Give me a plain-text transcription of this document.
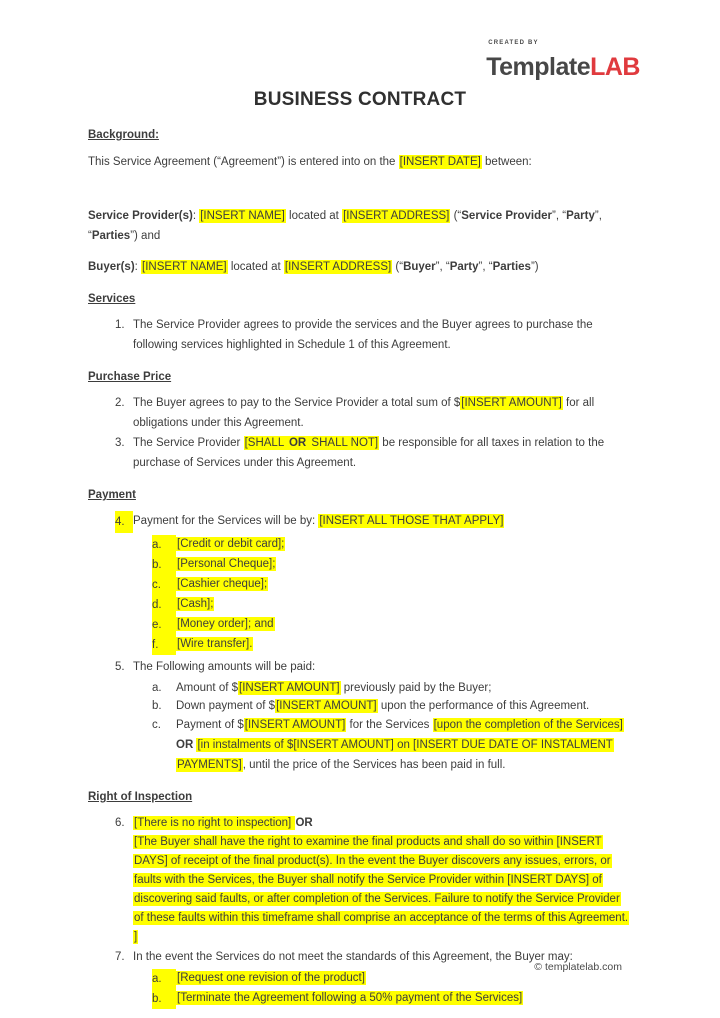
CREATED BY
TemplateLAB
BUSINESS CONTRACT
Background:
This Service Agreement (“Agreement”) is entered into on the [INSERT DATE] between:
Service Provider(s): [INSERT NAME] located at [INSERT ADDRESS] (“Service Provider”, “Party”, “Parties”) and
Buyer(s): [INSERT NAME] located at [INSERT ADDRESS] (“Buyer”, “Party”, “Parties”)
Services
1. The Service Provider agrees to provide the services and the Buyer agrees to purchase the following services highlighted in Schedule 1 of this Agreement.
Purchase Price
2. The Buyer agrees to pay to the Service Provider a total sum of $[INSERT AMOUNT] for all obligations under this Agreement.
3. The Service Provider [SHALL OR SHALL NOT] be responsible for all taxes in relation to the purchase of Services under this Agreement.
Payment
4. Payment for the Services will be by: [INSERT ALL THOSE THAT APPLY]
a.	[Credit or debit card];
b.	[Personal Cheque];
c.	[Cashier cheque];
d.	[Cash];
e.	[Money order]; and
f.	[Wire transfer].
5. The Following amounts will be paid:
a.	Amount of $[INSERT AMOUNT] previously paid by the Buyer;
b.	Down payment of $[INSERT AMOUNT] upon the performance of this Agreement.
c.	Payment of $[INSERT AMOUNT] for the Services [upon the completion of the Services] OR [in instalments of $[INSERT AMOUNT] on [INSERT DUE DATE OF INSTALMENT PAYMENTS], until the price of the Services has been paid in full.
Right of Inspection
6. [There is no right to inspection] OR
[The Buyer shall have the right to examine the final products and shall do so within [INSERT DAYS] of receipt of the final product(s). In the event the Buyer discovers any issues, errors, or faults with the Services, the Buyer shall notify the Service Provider within [INSERT DAYS] of discovering said faults, or after completion of the Services. Failure to notify the Service Provider of these faults within this timeframe shall comprise an acceptance of the terms of this Agreement. ]
7. In the event the Services do not meet the standards of this Agreement, the Buyer may:
a.	[Request one revision of the product]
b.	[Terminate the Agreement following a 50% payment of the Services]
© templatelab.com
